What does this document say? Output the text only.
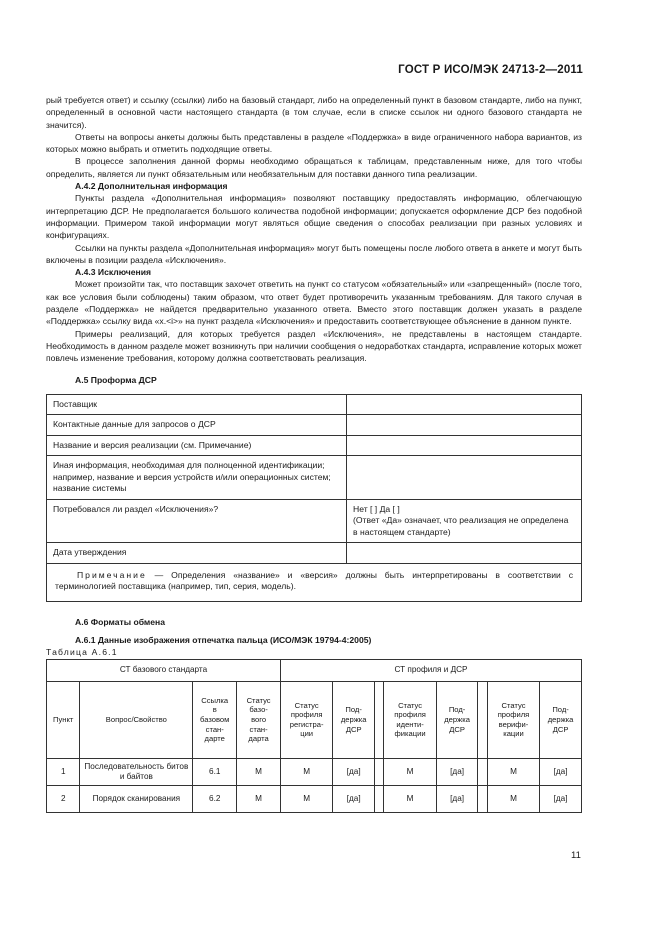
ГОСТ Р ИСО/МЭК 24713-2—2011

рый требуется ответ) и ссылку (ссылки) либо на базовый стандарт, либо на определенный пункт в базовом стандарте, либо на пункт, определенный в основной части настоящего стандарта (в том случае, если в списке ссылок ни одного базового стандарта не значится).

Ответы на вопросы анкеты должны быть представлены в разделе «Поддержка» в виде ограниченного набора вариантов, из которых можно выбрать и отметить подходящие ответы.

В процессе заполнения данной формы необходимо обращаться к таблицам, представленным ниже, для того чтобы определить, является ли пункт обязательным или необязательным для поставки данного типа реализации.

А.4.2 Дополнительная информация

Пункты раздела «Дополнительная информация» позволяют поставщику предоставлять информацию, облегчающую интерпретацию ДСР. Не предполагается большого количества подобной информации; допускается оформление ДСР без подобной информации. Примером такой информации могут являться общие сведения о способах реализации при разных условиях и конфигурациях.

Ссылки на пункты раздела «Дополнительная информация» могут быть помещены после любого ответа в анкете и могут быть включены в позиции раздела «Исключения».

А.4.3 Исключения

Может произойти так, что поставщик захочет ответить на пункт со статусом «обязательный» или «запрещенный» (после того, как все условия были соблюдены) таким образом, что ответ будет противоречить указанным требованиям. Для такого случая в разделе «Поддержка» не найдется предварительно указанного ответа. Вместо этого поставщик должен указать в разделе «Поддержка» ссылку вида «х.<i>» на пункт раздела «Исключения» и предоставить соответствующее объяснение в данном пункте.

Примеры реализаций, для которых требуется раздел «Исключения», не представлены в настоящем стандарте. Необходимость в данном разделе может возникнуть при наличии сообщения о недоработках стандарта, исправление которых может повлечь изменение требования, которому должна соответствовать реализация.

А.5 Проформа ДСР

Поставщик	
Контактные данные для запросов о ДСР	
Название и версия реализации (см. Примечание)	
Иная информация, необходимая для полноценной идентификации; например, название и версия устройств и/или операционных систем; название системы	
Потребовался ли раздел «Исключения»?	Нет [ ] Да [ ]
(Ответ «Да» означает, что реализация не определена в настоящем стандарте)
Дата утверждения	
Примечание — Определения «название» и «версия» должны быть интерпретированы в соответствии с терминологией поставщика (например, тип, серия, модель).	

А.6 Форматы обмена

А.6.1 Данные изображения отпечатка пальца (ИСО/МЭК 19794-4:2005)

Таблица А.6.1

СТ базового стандарта				СТ профиля и ДСР							
Пункт	Вопрос/Свойство	Ссылка
в
базовом
стан-
дарте	Статус
базо-
вого
стан-
дарта	Статус
профиля
регистра-
ции	Под-
держка
ДСР		Статус
профиля
иденти-
фикации	Под-
держка
ДСР		Статус
профиля
верифи-
кации	Под-
держка
ДСР
1	Последовательность битов и байтов	6.1	М	М	[да]		М	[да]		М	[да]
2	Порядок сканирования	6.2	М	М	[да]		М	[да]		М	[да]
11
